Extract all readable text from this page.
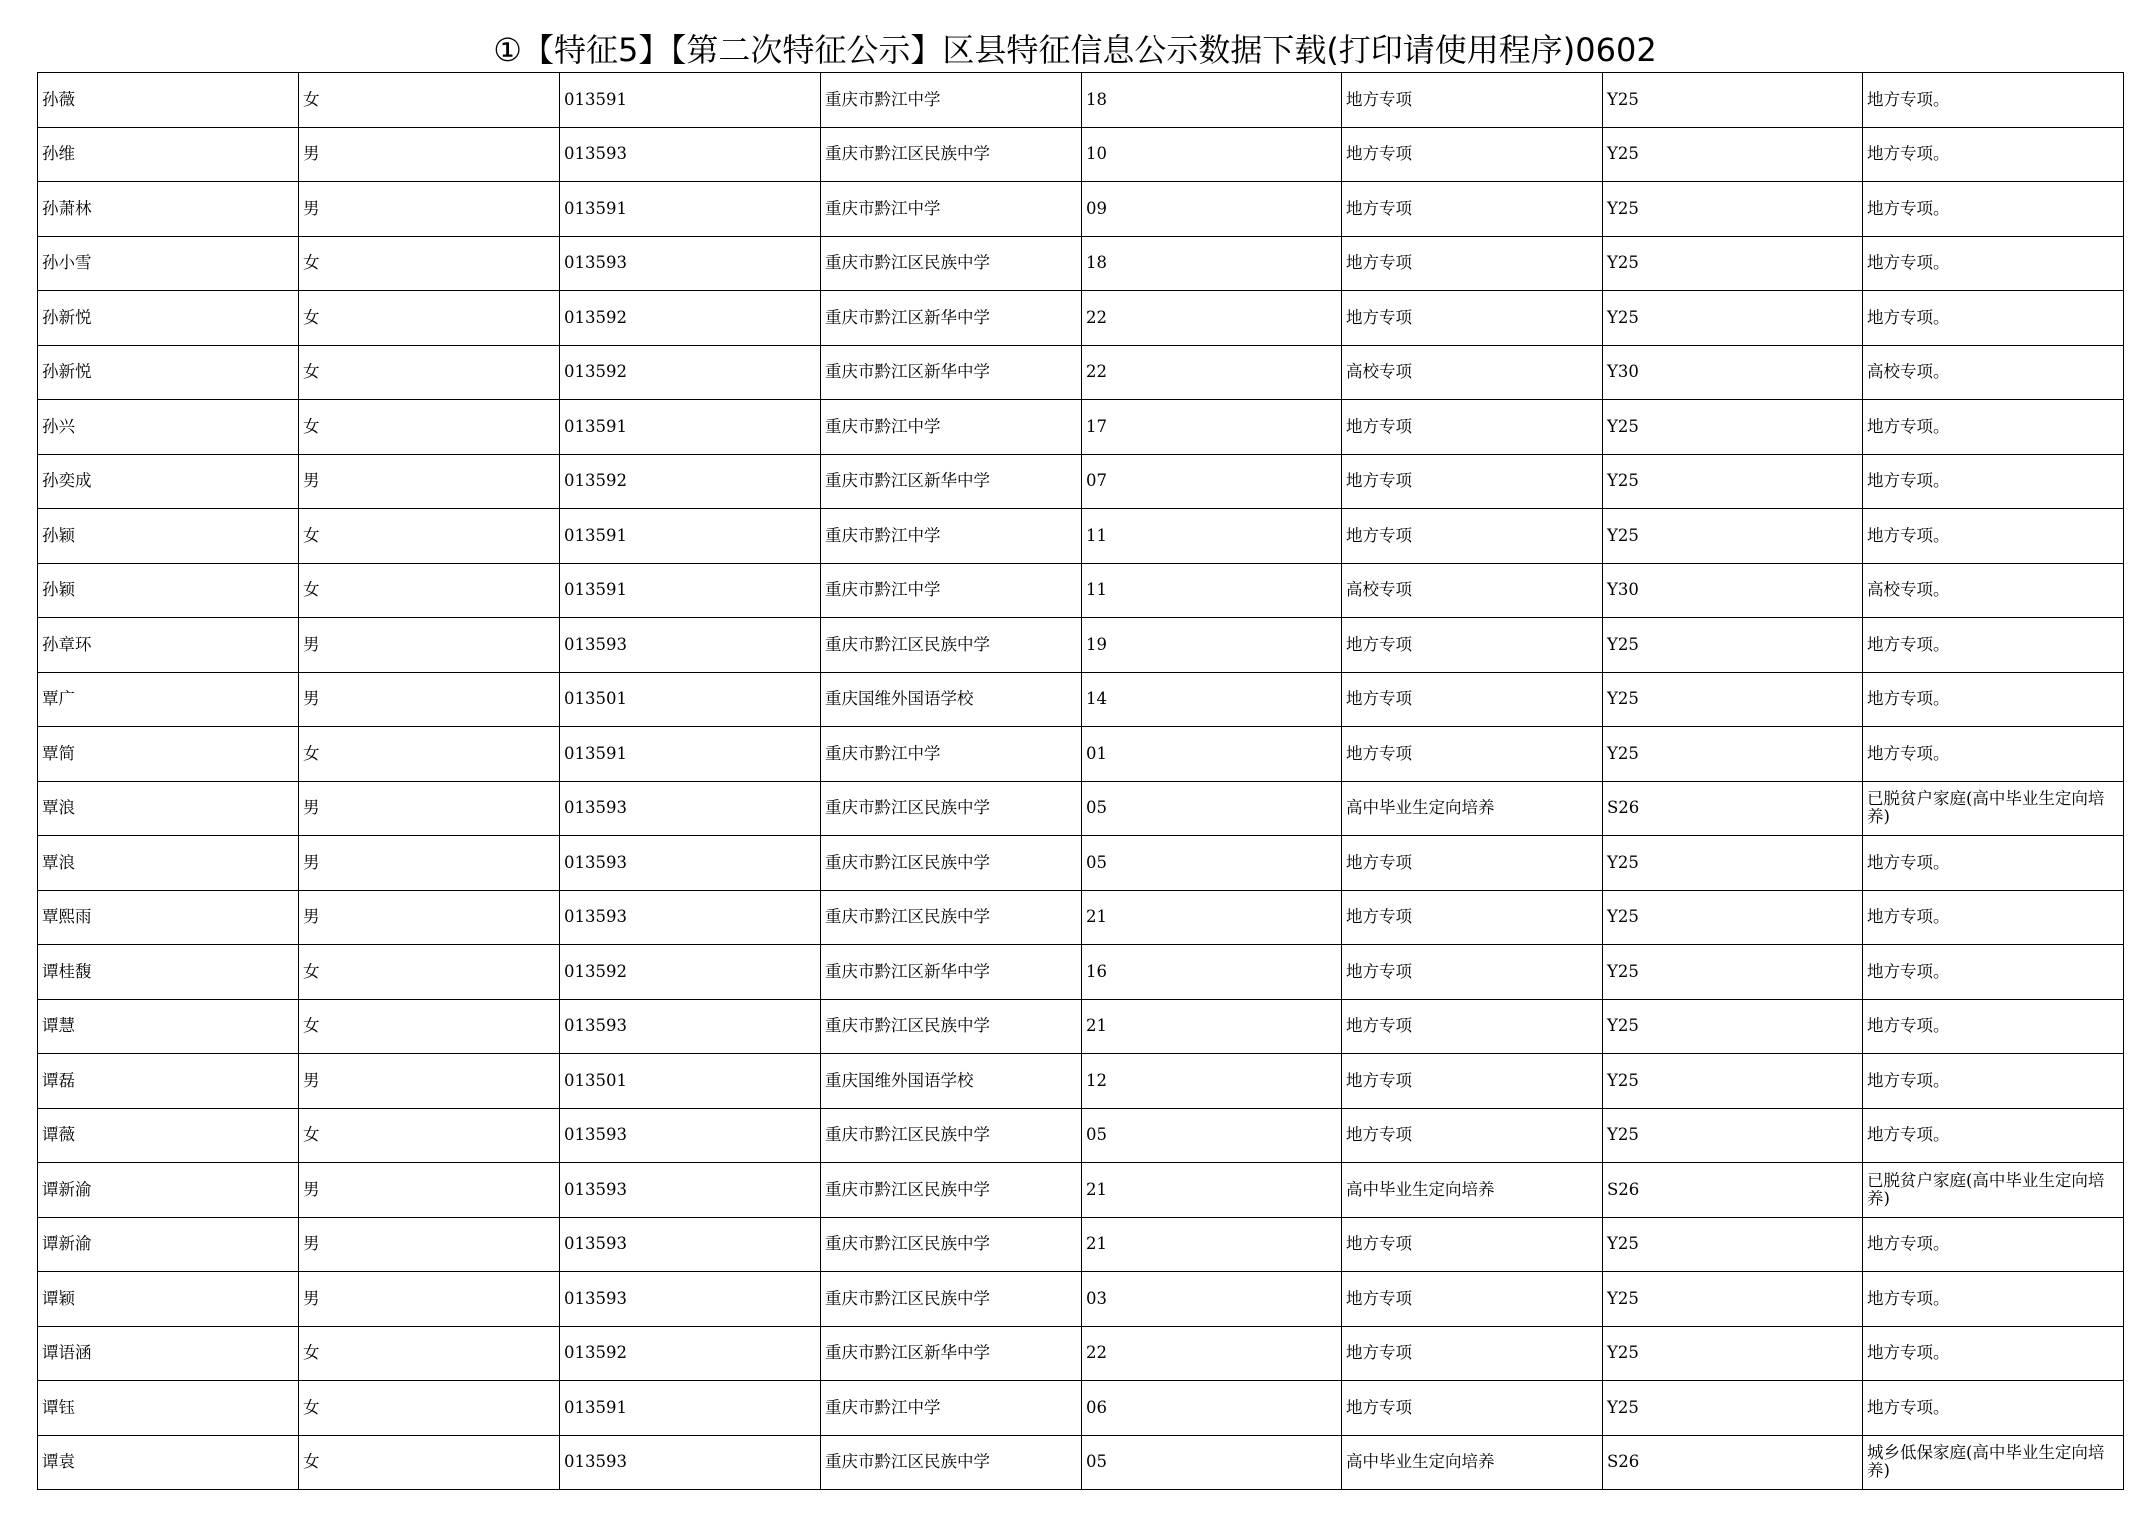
①【特征5】【第二次特征公示】区县特征信息公示数据下载(打印请使用程序)0602
孙薇	女	013591	重庆市黔江中学	18	地方专项	Y25	地方专项。
孙维	男	013593	重庆市黔江区民族中学	10	地方专项	Y25	地方专项。
孙萧林	男	013591	重庆市黔江中学	09	地方专项	Y25	地方专项。
孙小雪	女	013593	重庆市黔江区民族中学	18	地方专项	Y25	地方专项。
孙新悦	女	013592	重庆市黔江区新华中学	22	地方专项	Y25	地方专项。
孙新悦	女	013592	重庆市黔江区新华中学	22	高校专项	Y30	高校专项。
孙兴	女	013591	重庆市黔江中学	17	地方专项	Y25	地方专项。
孙奕成	男	013592	重庆市黔江区新华中学	07	地方专项	Y25	地方专项。
孙颖	女	013591	重庆市黔江中学	11	地方专项	Y25	地方专项。
孙颖	女	013591	重庆市黔江中学	11	高校专项	Y30	高校专项。
孙章环	男	013593	重庆市黔江区民族中学	19	地方专项	Y25	地方专项。
覃广	男	013501	重庆国维外国语学校	14	地方专项	Y25	地方专项。
覃简	女	013591	重庆市黔江中学	01	地方专项	Y25	地方专项。
覃浪	男	013593	重庆市黔江区民族中学	05	高中毕业生定向培养	S26	已脱贫户家庭(高中毕业生定向培养)
覃浪	男	013593	重庆市黔江区民族中学	05	地方专项	Y25	地方专项。
覃熙雨	男	013593	重庆市黔江区民族中学	21	地方专项	Y25	地方专项。
谭桂馥	女	013592	重庆市黔江区新华中学	16	地方专项	Y25	地方专项。
谭慧	女	013593	重庆市黔江区民族中学	21	地方专项	Y25	地方专项。
谭磊	男	013501	重庆国维外国语学校	12	地方专项	Y25	地方专项。
谭薇	女	013593	重庆市黔江区民族中学	05	地方专项	Y25	地方专项。
谭新渝	男	013593	重庆市黔江区民族中学	21	高中毕业生定向培养	S26	已脱贫户家庭(高中毕业生定向培养)
谭新渝	男	013593	重庆市黔江区民族中学	21	地方专项	Y25	地方专项。
谭颖	男	013593	重庆市黔江区民族中学	03	地方专项	Y25	地方专项。
谭语涵	女	013592	重庆市黔江区新华中学	22	地方专项	Y25	地方专项。
谭钰	女	013591	重庆市黔江中学	06	地方专项	Y25	地方专项。
谭袁	女	013593	重庆市黔江区民族中学	05	高中毕业生定向培养	S26	城乡低保家庭(高中毕业生定向培养)
